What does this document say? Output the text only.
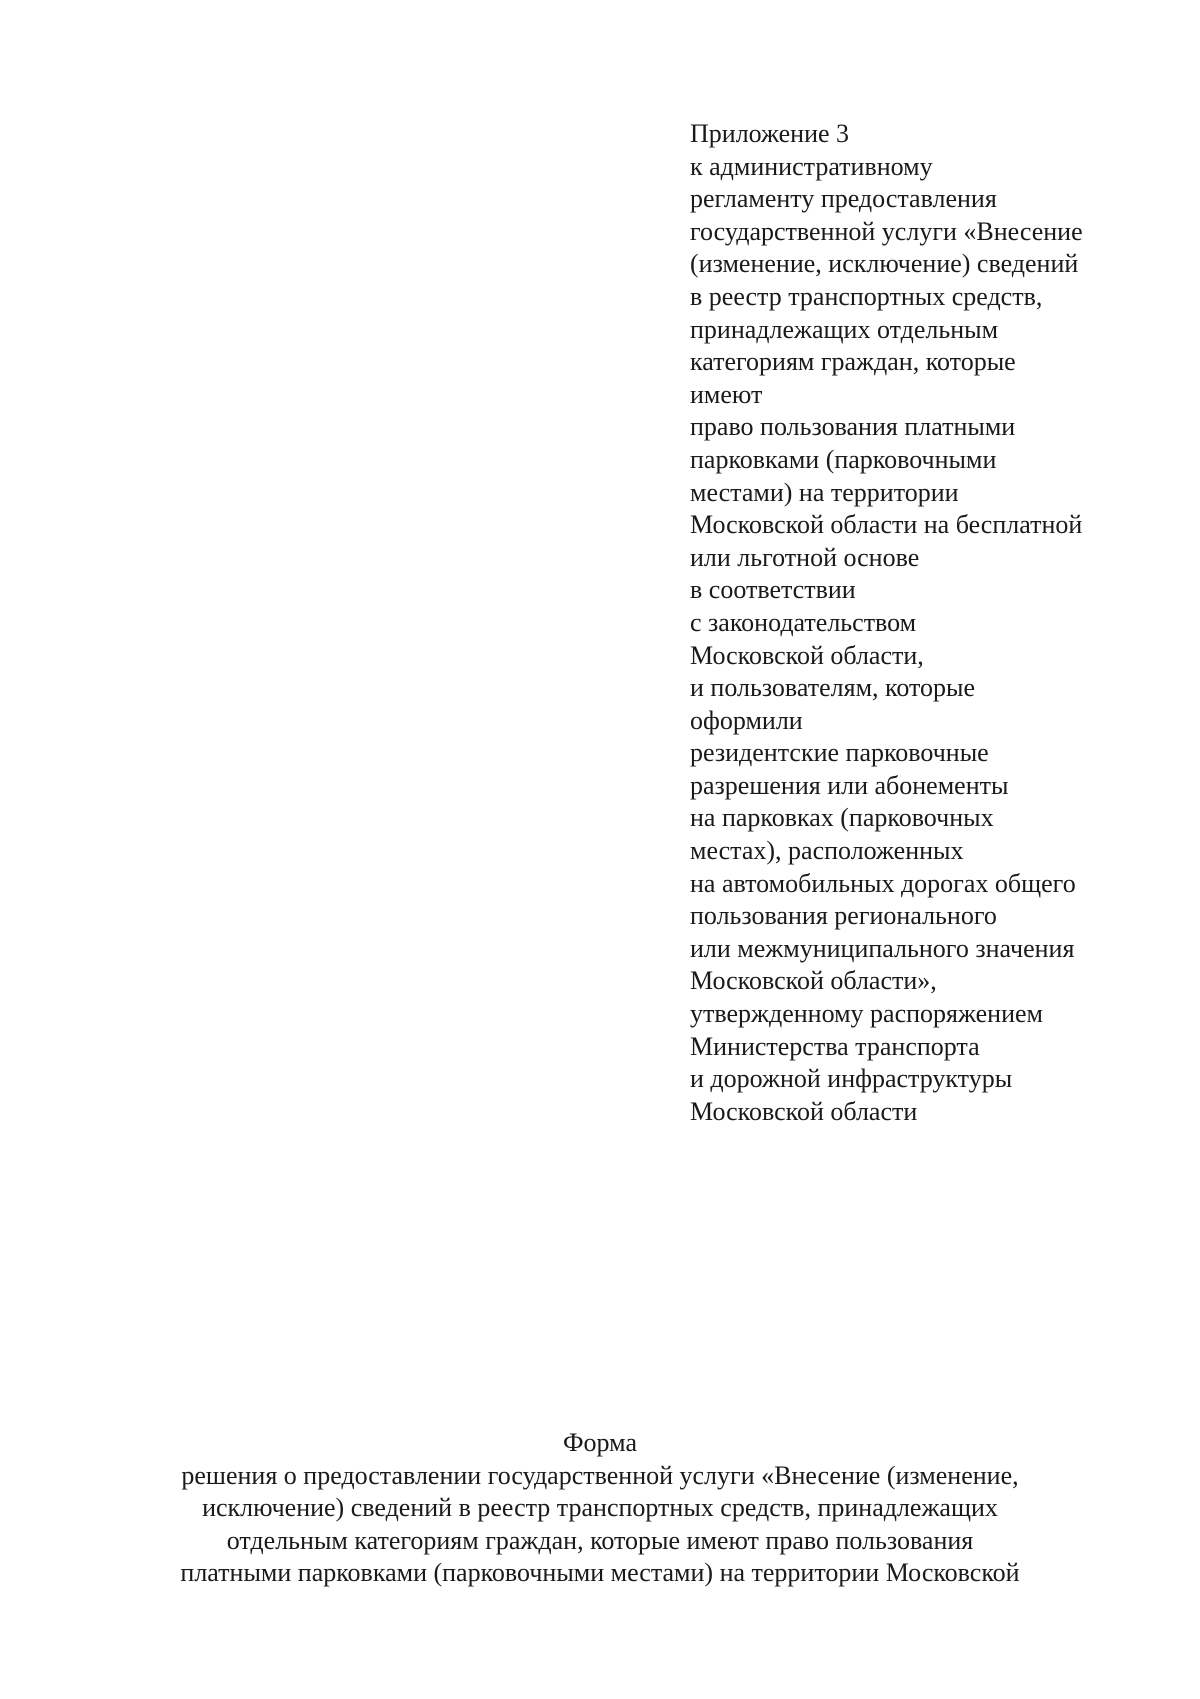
Приложение 3
к административному
регламенту предоставления
государственной услуги «Внесение
(изменение, исключение) сведений
в реестр транспортных средств,
принадлежащих отдельным
категориям граждан, которые
имеют
право пользования платными
парковками (парковочными
местами) на территории
Московской области на бесплатной
или льготной основе
в соответствии
с законодательством
Московской области,
и пользователям, которые
оформили
резидентские парковочные
разрешения или абонементы
на парковках (парковочных
местах), расположенных
на автомобильных дорогах общего
пользования регионального
или межмуниципального значения
Московской области»,
утвержденному распоряжением
Министерства транспорта
и дорожной инфраструктуры
Московской области
Форма
решения о предоставлении государственной услуги «Внесение (изменение,
исключение) сведений в реестр транспортных средств, принадлежащих
отдельным категориям граждан, которые имеют право пользования
платными парковками (парковочными местами) на территории Московской
